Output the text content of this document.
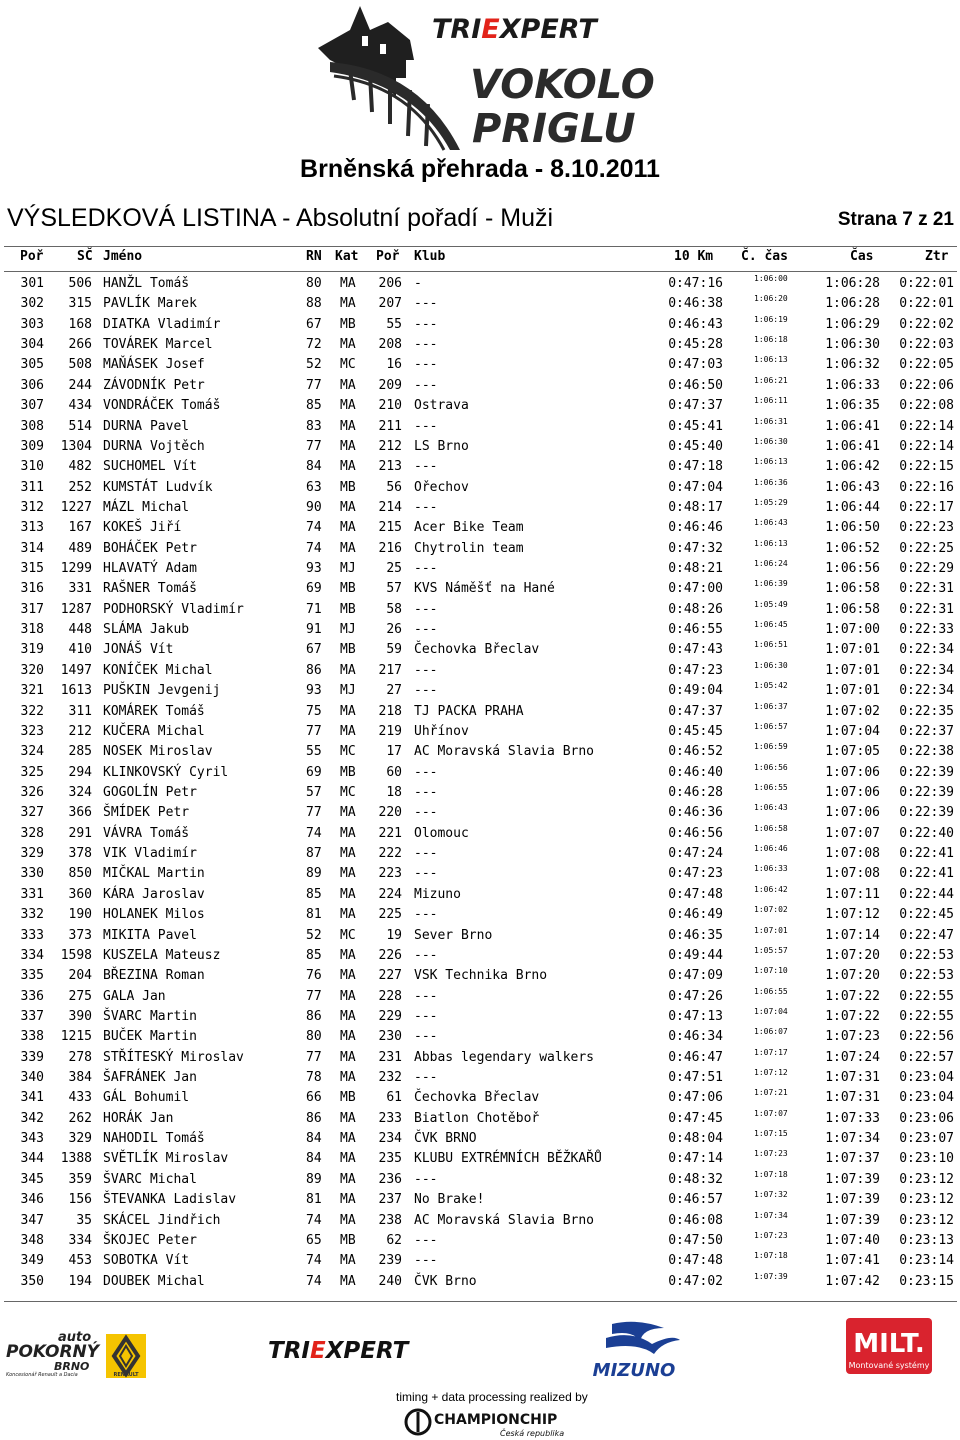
TRIEXPERT
VOKOLO
PRIGLU
Brněnská přehrada - 8.10.2011
VÝSLEDKOVÁ LISTINA - Absolutní pořadí - Muži	Strana 7 z 21
Poř	SČ Jméno	RN Kat Poř Klub	10 Km Č. čas	Čas	Ztr
301	506 HANŽL Tomáš	80	MA	206 -	0:47:16	1:06:00	1:06:28	0:22:01
302	315 PAVLÍK Marek	88	MA	207 ---	0:46:38	1:06:20	1:06:28	0:22:01
303	168 DIATKA Vladimír	67	MB	55 ---	0:46:43	1:06:19	1:06:29	0:22:02
304	266 TOVÁREK Marcel	72	MA	208 ---	0:45:28	1:06:18	1:06:30	0:22:03
305	508 MAŇÁSEK Josef	52	MC	16 ---	0:47:03	1:06:13	1:06:32	0:22:05
306	244 ZÁVODNÍK Petr	77	MA	209 ---	0:46:50	1:06:21	1:06:33	0:22:06
307	434 VONDRÁČEK Tomáš	85	MA	210 Ostrava	0:47:37	1:06:11	1:06:35	0:22:08
308	514 DURNA Pavel	83	MA	211 ---	0:45:41	1:06:31	1:06:41	0:22:14
309	1304 DURNA Vojtěch	77	MA	212 LS Brno	0:45:40	1:06:30	1:06:41	0:22:14
310	482 SUCHOMEL Vít	84	MA	213 ---	0:47:18	1:06:13	1:06:42	0:22:15
311	252 KUMSTÁT Ludvík	63	MB	56 Ořechov	0:47:04	1:06:36	1:06:43	0:22:16
312	1227 MÁZL Michal	90	MA	214 ---	0:48:17	1:05:29	1:06:44	0:22:17
313	167 KOKEŠ Jiří	74	MA	215 Acer Bike Team	0:46:46	1:06:43	1:06:50	0:22:23
314	489 BOHÁČEK Petr	74	MA	216 Chytrolin team	0:47:32	1:06:13	1:06:52	0:22:25
315	1299 HLAVATÝ Adam	93	MJ	25 ---	0:48:21	1:06:24	1:06:56	0:22:29
316	331 RAŠNER Tomáš	69	MB	57 KVS Náměšť na Hané	0:47:00	1:06:39	1:06:58	0:22:31
317	1287 PODHORSKÝ Vladimír	71	MB	58 ---	0:48:26	1:05:49	1:06:58	0:22:31
318	448 SLÁMA Jakub	91	MJ	26 ---	0:46:55	1:06:45	1:07:00	0:22:33
319	410 JONÁŠ Vít	67	MB	59 Čechovka Břeclav	0:47:43	1:06:51	1:07:01	0:22:34
320	1497 KONÍČEK Michal	86	MA	217 ---	0:47:23	1:06:30	1:07:01	0:22:34
321	1613 PUŠKIN Jevgenij	93	MJ	27 ---	0:49:04	1:05:42	1:07:01	0:22:34
322	311 KOMÁREK Tomáš	75	MA	218 TJ PACKA PRAHA	0:47:37	1:06:37	1:07:02	0:22:35
323	212 KUČERA Michal	77	MA	219 Uhřínov	0:45:45	1:06:57	1:07:04	0:22:37
324	285 NOSEK Miroslav	55	MC	17 AC Moravská Slavia Brno	0:46:52	1:06:59	1:07:05	0:22:38
325	294 KLINKOVSKÝ Cyril	69	MB	60 ---	0:46:40	1:06:56	1:07:06	0:22:39
326	324 GOGOLÍN Petr	57	MC	18 ---	0:46:28	1:06:55	1:07:06	0:22:39
327	366 ŠMÍDEK Petr	77	MA	220 ---	0:46:36	1:06:43	1:07:06	0:22:39
328	291 VÁVRA Tomáš	74	MA	221 Olomouc	0:46:56	1:06:58	1:07:07	0:22:40
329	378 VIK Vladimír	87	MA	222 ---	0:47:24	1:06:46	1:07:08	0:22:41
330	850 MIČKAL Martin	89	MA	223 ---	0:47:23	1:06:33	1:07:08	0:22:41
331	360 KÁRA Jaroslav	85	MA	224 Mizuno	0:47:48	1:06:42	1:07:11	0:22:44
332	190 HOLANEK Milos	81	MA	225 ---	0:46:49	1:07:02	1:07:12	0:22:45
333	373 MIKITA Pavel	52	MC	19 Sever Brno	0:46:35	1:07:01	1:07:14	0:22:47
334	1598 KUSZELA Mateusz	85	MA	226 ---	0:49:44	1:05:57	1:07:20	0:22:53
335	204 BŘEZINA Roman	76	MA	227 VSK Technika Brno	0:47:09	1:07:10	1:07:20	0:22:53
336	275 GALA Jan	77	MA	228 ---	0:47:26	1:06:55	1:07:22	0:22:55
337	390 ŠVARC Martin	86	MA	229 ---	0:47:13	1:07:04	1:07:22	0:22:55
338	1215 BUČEK Martin	80	MA	230 ---	0:46:34	1:06:07	1:07:23	0:22:56
339	278 STŘÍTESKÝ Miroslav	77	MA	231 Abbas legendary walkers	0:46:47	1:07:17	1:07:24	0:22:57
340	384 ŠAFRÁNEK Jan	78	MA	232 ---	0:47:51	1:07:12	1:07:31	0:23:04
341	433 GÁL Bohumil	66	MB	61 Čechovka Břeclav	0:47:06	1:07:21	1:07:31	0:23:04
342	262 HORÁK Jan	86	MA	233 Biatlon Chotěboř	0:47:45	1:07:07	1:07:33	0:23:06
343	329 NAHODIL Tomáš	84	MA	234 ČVK BRNO	0:48:04	1:07:15	1:07:34	0:23:07
344	1388 SVĚTLÍK Miroslav	84	MA	235 KLUBU EXTRÉMNÍCH BĚŽKAŘŮ	0:47:14	1:07:23	1:07:37	0:23:10
345	359 ŠVARC Michal	89	MA	236 ---	0:48:32	1:07:18	1:07:39	0:23:12
346	156 ŠTEVANKA Ladislav	81	MA	237 No Brake!	0:46:57	1:07:32	1:07:39	0:23:12
347	35 SKÁCEL Jindřich	74	MA	238 AC Moravská Slavia Brno	0:46:08	1:07:34	1:07:39	0:23:12
348	334 ŠKOJEC Peter	65	MB	62 ---	0:47:50	1:07:23	1:07:40	0:23:13
349	453 SOBOTKA Vít	74	MA	239 ---	0:47:48	1:07:18	1:07:41	0:23:14
350	194 DOUBEK Michal	74	MA	240 ČVK Brno	0:47:02	1:07:39	1:07:42	0:23:15
auto
POKORNÝ
BRNO
Koncesionář Renault a Dacia	RENAULT
TRIEXPERT
MIZUNO
MILT.
Montované systémy
timing + data processing realized by
CHAMPIONCHIP
Česká republika
